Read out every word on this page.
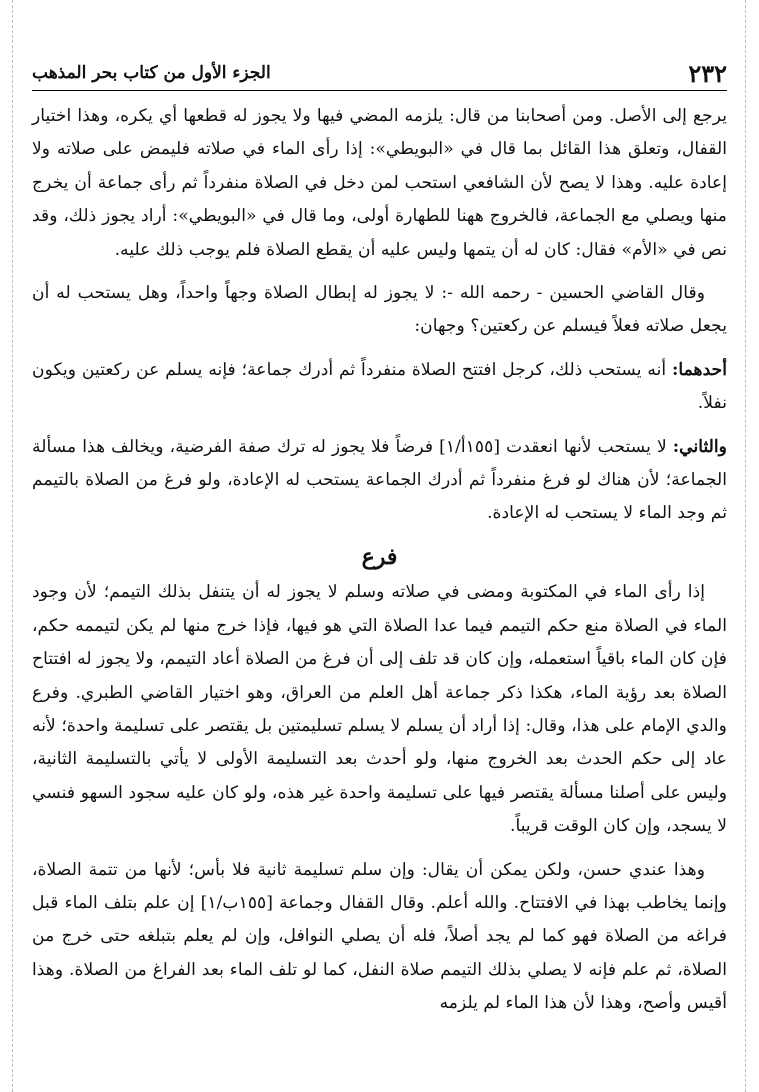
٢٣٢
الجزء الأول من كتاب بحر المذهب

يرجع إلى الأصل. ومن أصحابنا من قال: يلزمه المضي فيها ولا يجوز له قطعها أي يكره، وهذا اختيار القفال، وتعلق هذا القائل بما قال في «البويطي»: إذا رأى الماء في صلاته فليمض على صلاته ولا إعادة عليه. وهذا لا يصح لأن الشافعي استحب لمن دخل في الصلاة منفرداً ثم رأى جماعة أن يخرج منها ويصلي مع الجماعة، فالخروج ههنا للطهارة أولى، وما قال في «البويطي»: أراد يجوز ذلك، وقد نص في «الأم» فقال: كان له أن يتمها وليس عليه أن يقطع الصلاة فلم يوجب ذلك عليه.

وقال القاضي الحسين - رحمه الله -: لا يجوز له إبطال الصلاة وجهاً واحداً، وهل يستحب له أن يجعل صلاته فعلاً فيسلم عن ركعتين؟ وجهان:

أحدهما: أنه يستحب ذلك، كرجل افتتح الصلاة منفرداً ثم أدرك جماعة؛ فإنه يسلم عن ركعتين ويكون نفلاً.

والثاني: لا يستحب لأنها انعقدت [١٥٥أ/١] فرضاً فلا يجوز له ترك صفة الفرضية، ويخالف هذا مسألة الجماعة؛ لأن هناك لو فرغ منفرداً ثم أدرك الجماعة يستحب له الإعادة، ولو فرغ من الصلاة بالتيمم ثم وجد الماء لا يستحب له الإعادة.

فرع

إذا رأى الماء في المكتوبة ومضى في صلاته وسلم لا يجوز له أن يتنفل بذلك التيمم؛ لأن وجود الماء في الصلاة منع حكم التيمم فيما عدا الصلاة التي هو فيها، فإذا خرج منها لم يكن لتيممه حكم، فإن كان الماء باقياً استعمله، وإن كان قد تلف إلى أن فرغ من الصلاة أعاد التيمم، ولا يجوز له افتتاح الصلاة بعد رؤية الماء، هكذا ذكر جماعة أهل العلم من العراق، وهو اختيار القاضي الطبري. وفرع والدي الإمام على هذا، وقال: إذا أراد أن يسلم لا يسلم تسليمتين بل يقتصر على تسليمة واحدة؛ لأنه عاد إلى حكم الحدث بعد الخروج منها، ولو أحدث بعد التسليمة الأولى لا يأتي بالتسليمة الثانية، وليس على أصلنا مسألة يقتصر فيها على تسليمة واحدة غير هذه، ولو كان عليه سجود السهو فنسي لا يسجد، وإن كان الوقت قريباً.

وهذا عندي حسن، ولكن يمكن أن يقال: وإن سلم تسليمة ثانية فلا بأس؛ لأنها من تتمة الصلاة، وإنما يخاطب بهذا في الافتتاح. والله أعلم. وقال القفال وجماعة [١٥٥ب/١] إن علم بتلف الماء قبل فراغه من الصلاة فهو كما لم يجد أصلاً، فله أن يصلي النوافل، وإن لم يعلم بتبلغه حتى خرج من الصلاة، ثم علم فإنه لا يصلي بذلك التيمم صلاة النفل، كما لو تلف الماء بعد الفراغ من الصلاة. وهذا أقيس وأصح، وهذا لأن هذا الماء لم يلزمه
